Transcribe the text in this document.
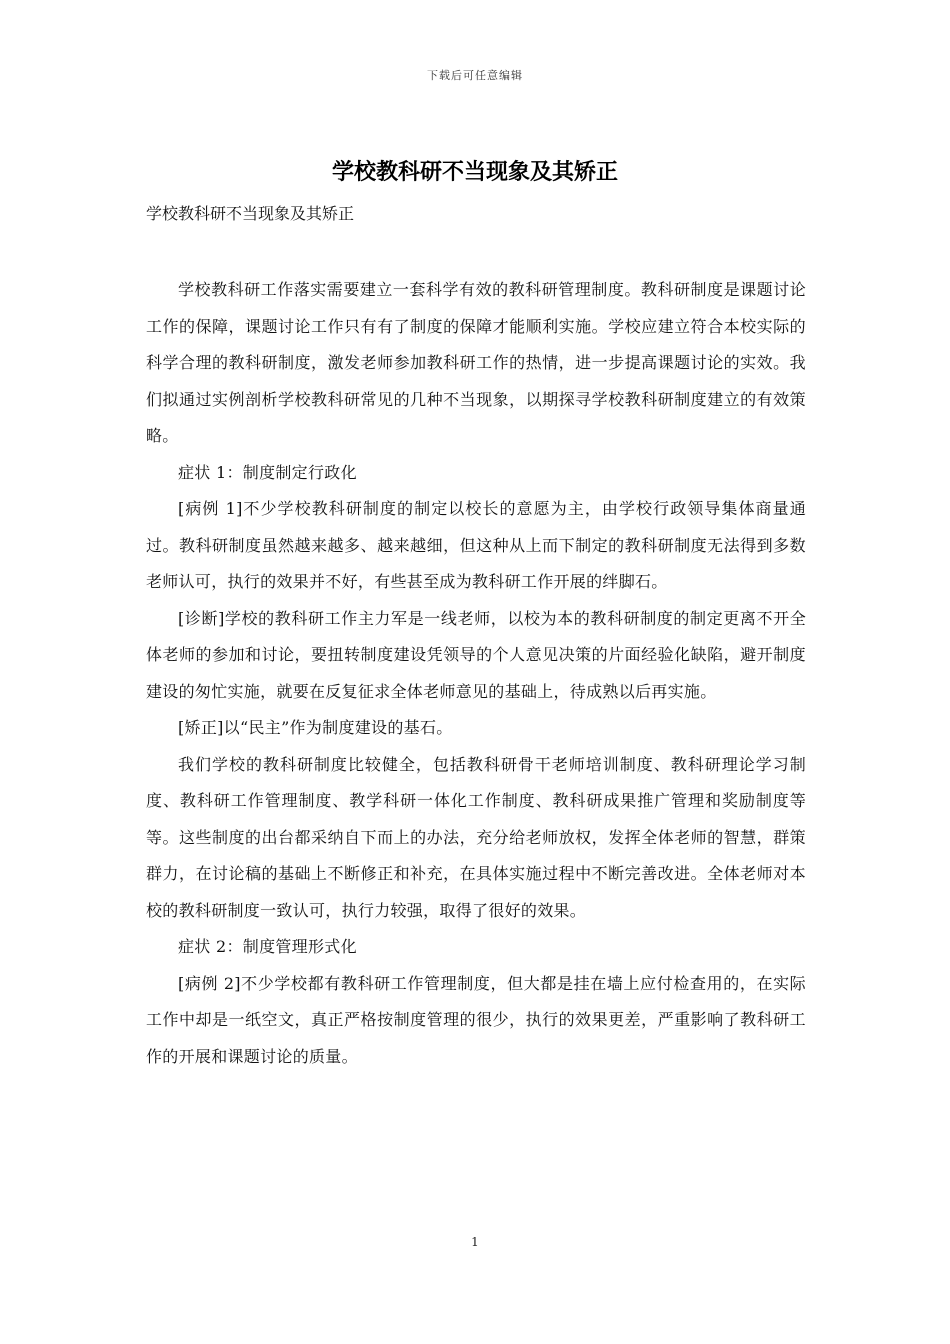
下载后可任意编辑
学校教科研不当现象及其矫正
学校教科研不当现象及其矫正

学校教科研工作落实需要建立一套科学有效的教科研管理制度。教科研制度是课题讨论工作的保障，课题讨论工作只有有了制度的保障才能顺利实施。学校应建立符合本校实际的科学合理的教科研制度，激发老师参加教科研工作的热情，进一步提高课题讨论的实效。我们拟通过实例剖析学校教科研常见的几种不当现象，以期探寻学校教科研制度建立的有效策略。

症状 1：制度制定行政化

[病例 1]不少学校教科研制度的制定以校长的意愿为主，由学校行政领导集体商量通过。教科研制度虽然越来越多、越来越细，但这种从上而下制定的教科研制度无法得到多数老师认可，执行的效果并不好，有些甚至成为教科研工作开展的绊脚石。

[诊断]学校的教科研工作主力军是一线老师，以校为本的教科研制度的制定更离不开全体老师的参加和讨论，要扭转制度建设凭领导的个人意见决策的片面经验化缺陷，避开制度建设的匆忙实施，就要在反复征求全体老师意见的基础上，待成熟以后再实施。

[矫正]以“民主”作为制度建设的基石。

我们学校的教科研制度比较健全，包括教科研骨干老师培训制度、教科研理论学习制度、教科研工作管理制度、教学科研一体化工作制度、教科研成果推广管理和奖励制度等等。这些制度的出台都采纳自下而上的办法，充分给老师放权，发挥全体老师的智慧，群策群力，在讨论稿的基础上不断修正和补充，在具体实施过程中不断完善改进。全体老师对本校的教科研制度一致认可，执行力较强，取得了很好的效果。

症状 2：制度管理形式化

[病例 2]不少学校都有教科研工作管理制度，但大都是挂在墙上应付检查用的，在实际工作中却是一纸空文，真正严格按制度管理的很少，执行的效果更差，严重影响了教科研工作的开展和课题讨论的质量。

1
